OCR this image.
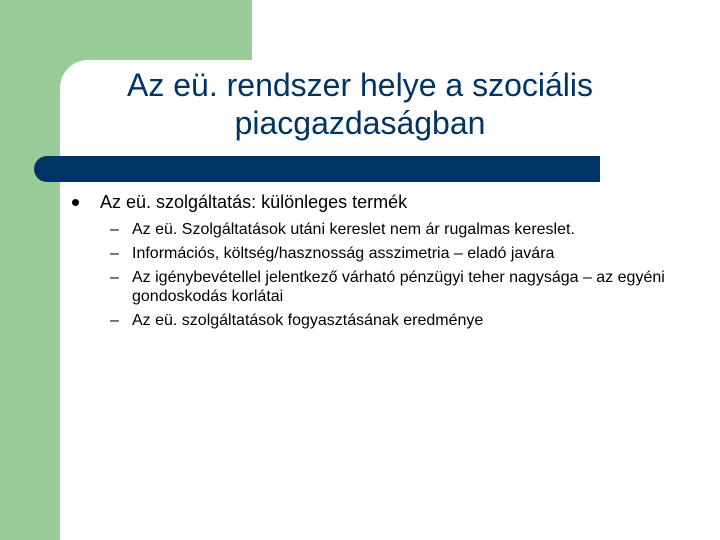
Az eü. rendszer helye a szociális
piacgazdaságban
Az eü. szolgáltatás: különleges termék
– Az eü. Szolgáltatások utáni kereslet nem ár rugalmas kereslet.
– Információs, költség/hasznosság asszimetria – eladó javára
– Az igénybevétellel jelentkező várható pénzügyi teher nagysága – az egyéni gondoskodás korlátai
– Az eü. szolgáltatások fogyasztásának eredménye
